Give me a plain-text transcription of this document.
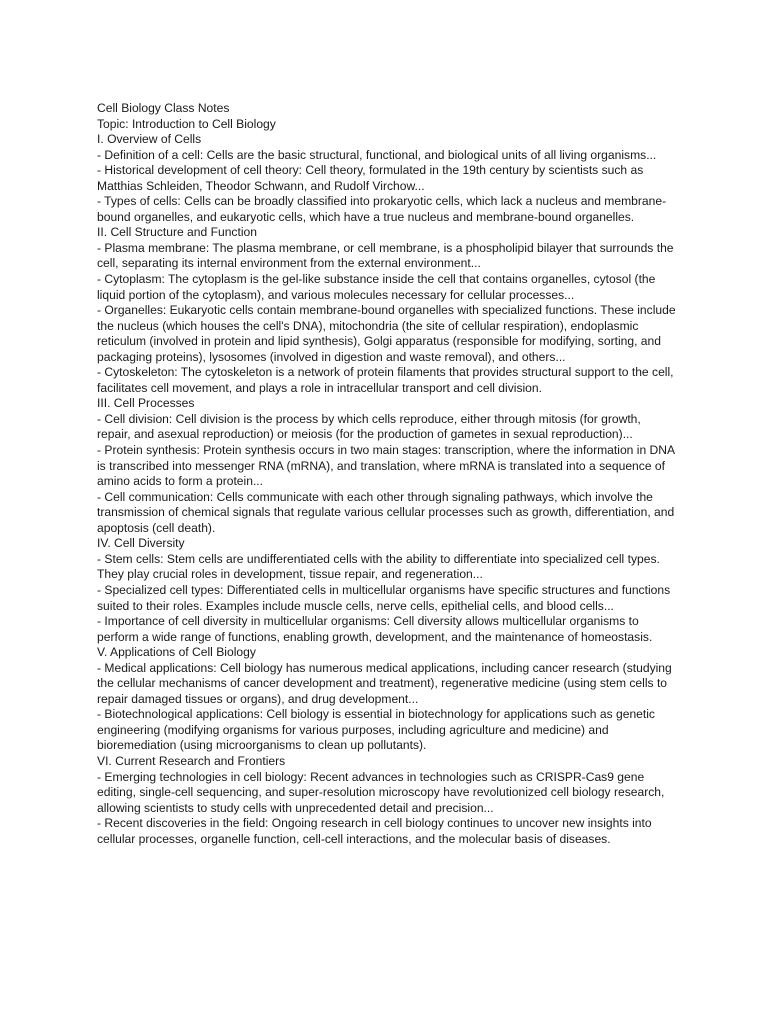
Cell Biology Class Notes

Topic: Introduction to Cell Biology

I. Overview of Cells

- Definition of a cell: Cells are the basic structural, functional, and biological units of all living organisms...

- Historical development of cell theory: Cell theory, formulated in the 19th century by scientists such as Matthias Schleiden, Theodor Schwann, and Rudolf Virchow...

- Types of cells: Cells can be broadly classified into prokaryotic cells, which lack a nucleus and membrane-bound organelles, and eukaryotic cells, which have a true nucleus and membrane-bound organelles.

II. Cell Structure and Function

- Plasma membrane: The plasma membrane, or cell membrane, is a phospholipid bilayer that surrounds the cell, separating its internal environment from the external environment...

- Cytoplasm: The cytoplasm is the gel-like substance inside the cell that contains organelles, cytosol (the liquid portion of the cytoplasm), and various molecules necessary for cellular processes...

- Organelles: Eukaryotic cells contain membrane-bound organelles with specialized functions. These include the nucleus (which houses the cell's DNA), mitochondria (the site of cellular respiration), endoplasmic reticulum (involved in protein and lipid synthesis), Golgi apparatus (responsible for modifying, sorting, and packaging proteins), lysosomes (involved in digestion and waste removal), and others...

- Cytoskeleton: The cytoskeleton is a network of protein filaments that provides structural support to the cell, facilitates cell movement, and plays a role in intracellular transport and cell division.

III. Cell Processes

- Cell division: Cell division is the process by which cells reproduce, either through mitosis (for growth, repair, and asexual reproduction) or meiosis (for the production of gametes in sexual reproduction)...

- Protein synthesis: Protein synthesis occurs in two main stages: transcription, where the information in DNA is transcribed into messenger RNA (mRNA), and translation, where mRNA is translated into a sequence of amino acids to form a protein...

- Cell communication: Cells communicate with each other through signaling pathways, which involve the transmission of chemical signals that regulate various cellular processes such as growth, differentiation, and apoptosis (cell death).

IV. Cell Diversity

- Stem cells: Stem cells are undifferentiated cells with the ability to differentiate into specialized cell types. They play crucial roles in development, tissue repair, and regeneration...

- Specialized cell types: Differentiated cells in multicellular organisms have specific structures and functions suited to their roles. Examples include muscle cells, nerve cells, epithelial cells, and blood cells...

- Importance of cell diversity in multicellular organisms: Cell diversity allows multicellular organisms to perform a wide range of functions, enabling growth, development, and the maintenance of homeostasis.

V. Applications of Cell Biology

- Medical applications: Cell biology has numerous medical applications, including cancer research (studying the cellular mechanisms of cancer development and treatment), regenerative medicine (using stem cells to repair damaged tissues or organs), and drug development...

- Biotechnological applications: Cell biology is essential in biotechnology for applications such as genetic engineering (modifying organisms for various purposes, including agriculture and medicine) and bioremediation (using microorganisms to clean up pollutants).

VI. Current Research and Frontiers

- Emerging technologies in cell biology: Recent advances in technologies such as CRISPR-Cas9 gene editing, single-cell sequencing, and super-resolution microscopy have revolutionized cell biology research, allowing scientists to study cells with unprecedented detail and precision...

- Recent discoveries in the field: Ongoing research in cell biology continues to uncover new insights into cellular processes, organelle function, cell-cell interactions, and the molecular basis of diseases.
